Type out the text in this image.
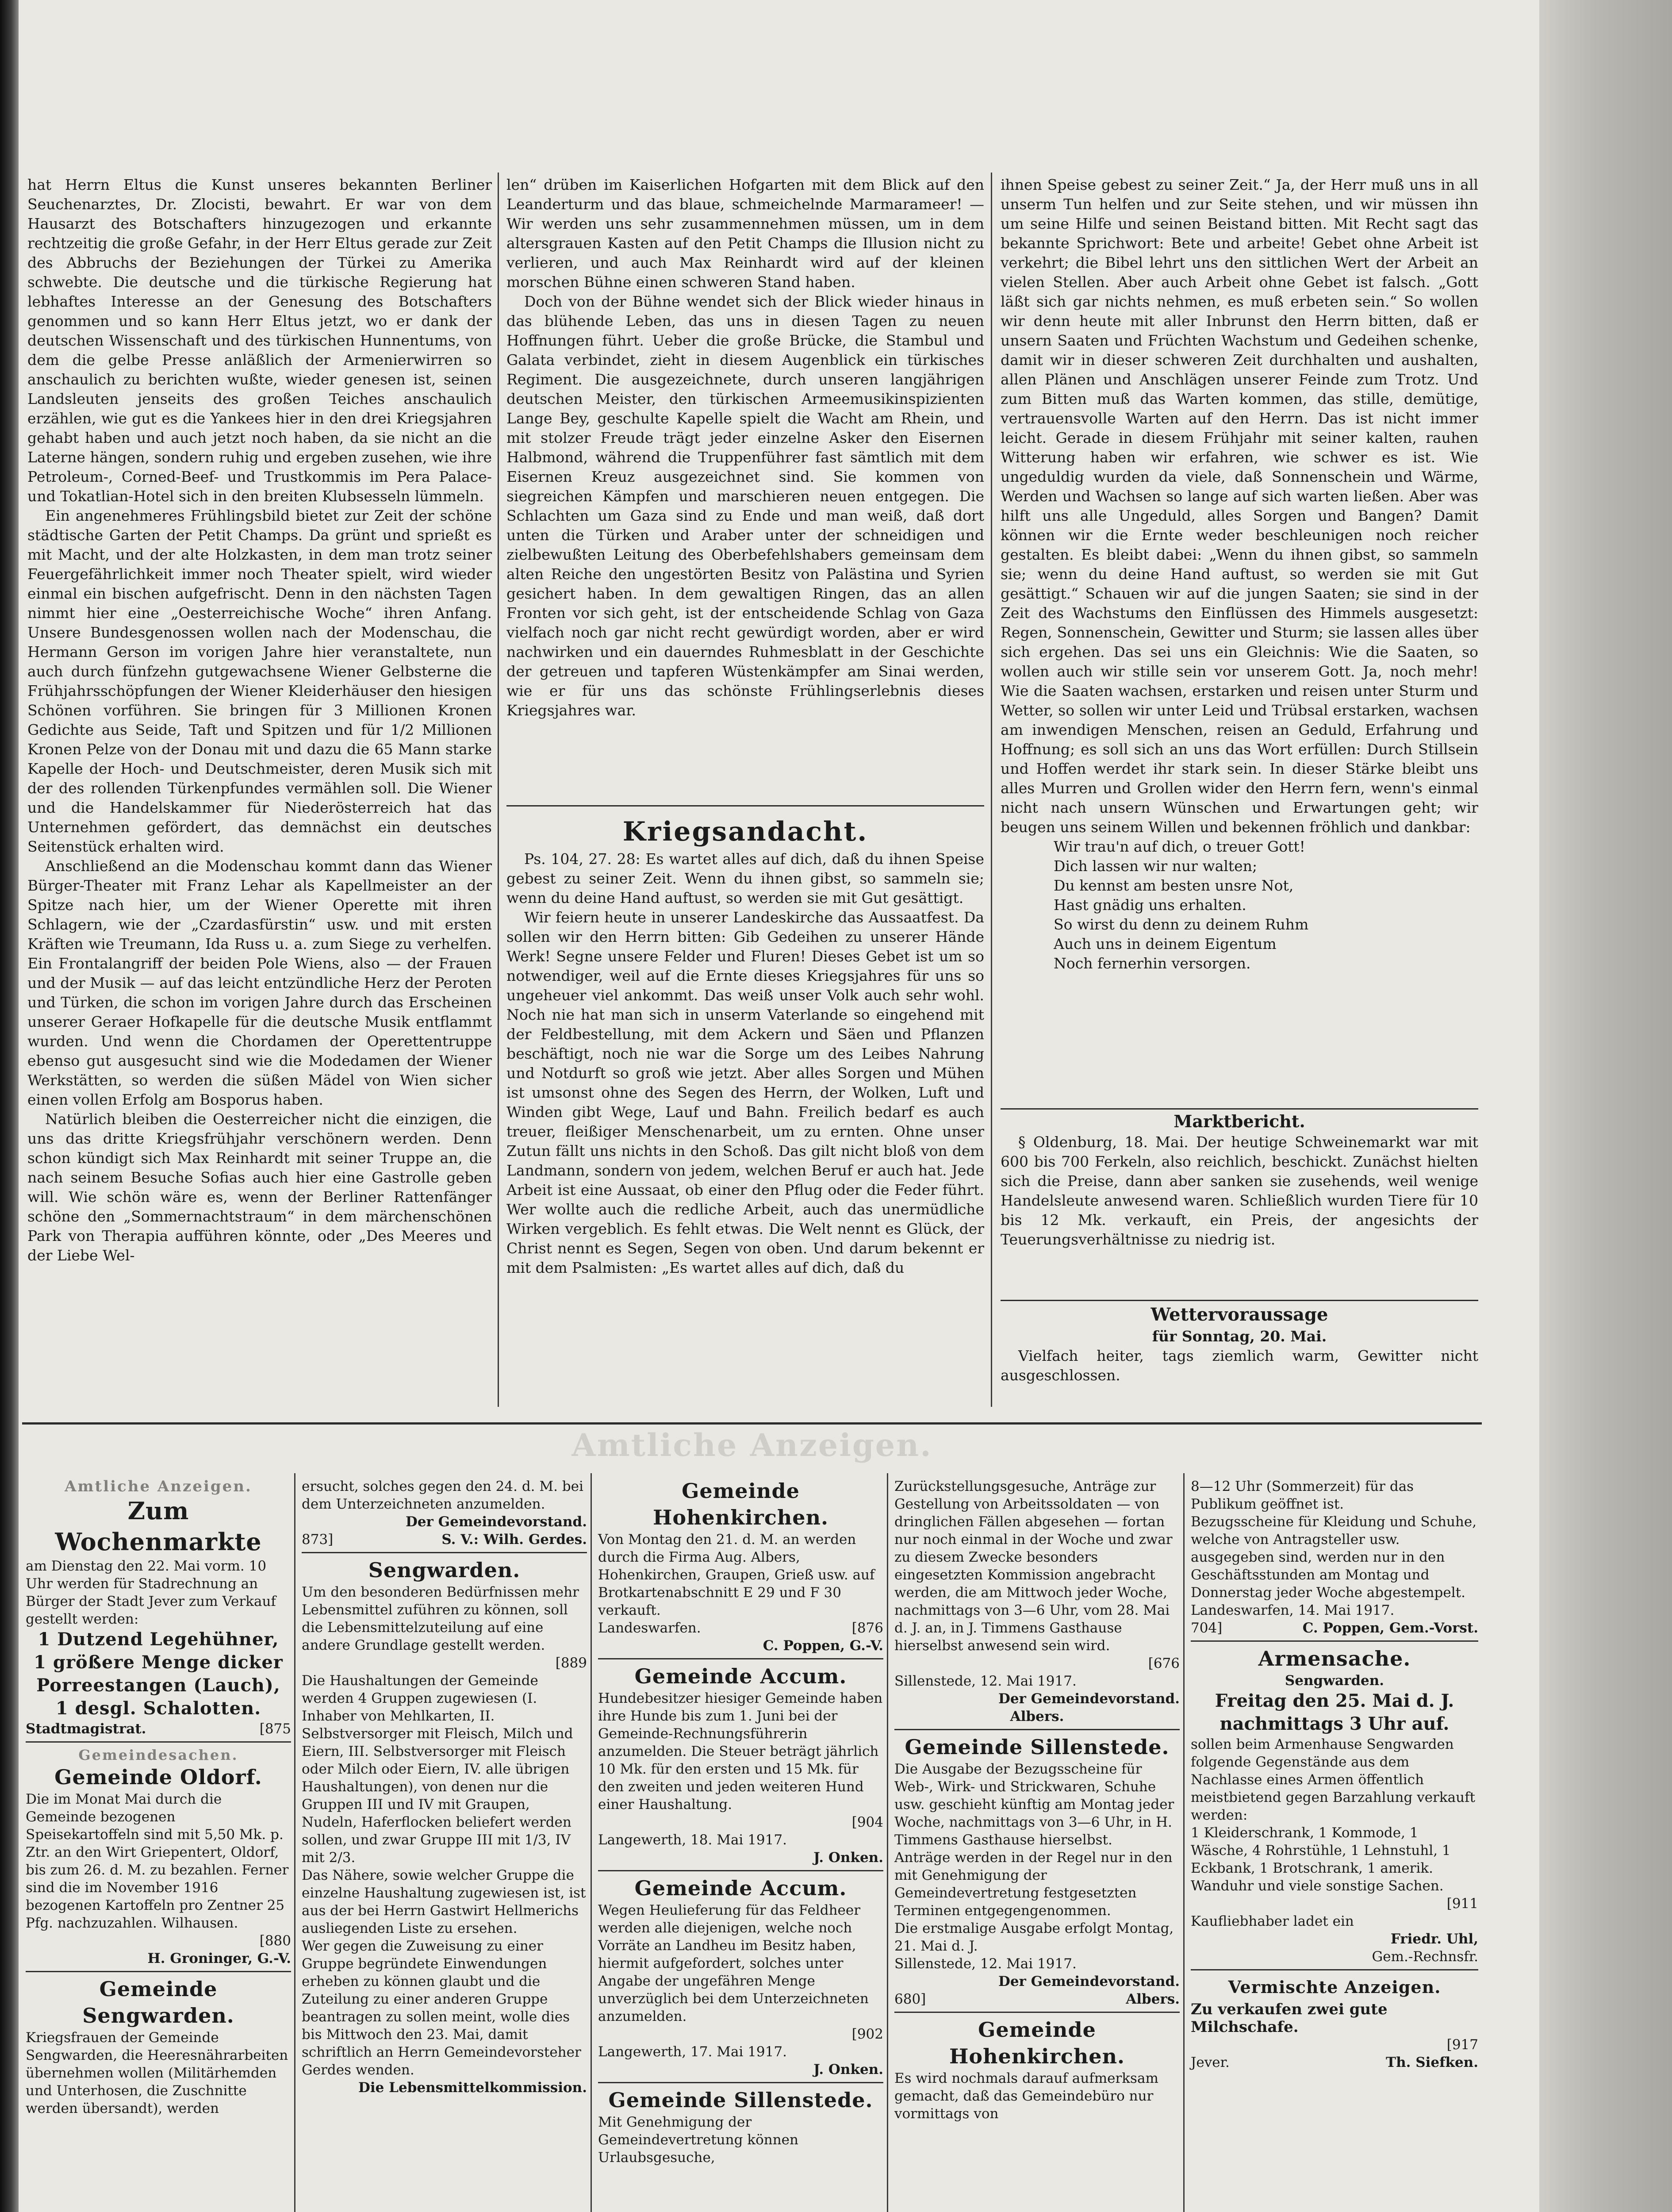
hat Herrn Eltus die Kunst unseres bekannten Berliner Seuchenarztes, Dr. Zlocisti, bewahrt. Er war von dem Hausarzt des Botschafters hinzugezogen und erkannte rechtzeitig die große Gefahr, in der Herr Eltus gerade zur Zeit des Abbruchs der Beziehungen der Türkei zu Amerika schwebte. Die deutsche und die türkische Regierung hat lebhaftes Interesse an der Genesung des Botschafters genommen und so kann Herr Eltus jetzt, wo er dank der deutschen Wissenschaft und des türkischen Hunnentums, von dem die gelbe Presse anläßlich der Armenierwirren so anschaulich zu berichten wußte, wieder genesen ist, seinen Landsleuten jenseits des großen Teiches anschaulich erzählen, wie gut es die Yankees hier in den drei Kriegsjahren gehabt haben und auch jetzt noch haben, da sie nicht an die Laterne hängen, sondern ruhig und ergeben zusehen, wie ihre Petroleum-, Corned-Beef- und Trustkommis im Pera Palace- und Tokatlian-Hotel sich in den breiten Klubsesseln lümmeln.

Ein angenehmeres Frühlingsbild bietet zur Zeit der schöne städtische Garten der Petit Champs. Da grünt und sprießt es mit Macht, und der alte Holzkasten, in dem man trotz seiner Feuergefährlichkeit immer noch Theater spielt, wird wieder einmal ein bischen aufgefrischt. Denn in den nächsten Tagen nimmt hier eine „Oesterreichische Woche“ ihren Anfang. Unsere Bundesgenossen wollen nach der Modenschau, die Hermann Gerson im vorigen Jahre hier veranstaltete, nun auch durch fünfzehn gutgewachsene Wiener Gelbsterne die Frühjahrsschöpfungen der Wiener Kleiderhäuser den hiesigen Schönen vorführen. Sie bringen für 3 Millionen Kronen Gedichte aus Seide, Taft und Spitzen und für 1/2 Millionen Kronen Pelze von der Donau mit und dazu die 65 Mann starke Kapelle der Hoch- und Deutschmeister, deren Musik sich mit der des rollenden Türkenpfundes vermählen soll. Die Wiener und die Handelskammer für Niederösterreich hat das Unternehmen gefördert, das demnächst ein deutsches Seitenstück erhalten wird.

Anschließend an die Modenschau kommt dann das Wiener Bürger-Theater mit Franz Lehar als Kapellmeister an der Spitze nach hier, um der Wiener Operette mit ihren Schlagern, wie der „Czardasfürstin“ usw. und mit ersten Kräften wie Treumann, Ida Russ u. a. zum Siege zu verhelfen. Ein Frontalangriff der beiden Pole Wiens, also — der Frauen und der Musik — auf das leicht entzündliche Herz der Peroten und Türken, die schon im vorigen Jahre durch das Erscheinen unserer Geraer Hofkapelle für die deutsche Musik entflammt wurden. Und wenn die Chordamen der Operettentruppe ebenso gut ausgesucht sind wie die Modedamen der Wiener Werkstätten, so werden die süßen Mädel von Wien sicher einen vollen Erfolg am Bosporus haben.

Natürlich bleiben die Oesterreicher nicht die einzigen, die uns das dritte Kriegsfrühjahr verschönern werden. Denn schon kündigt sich Max Reinhardt mit seiner Truppe an, die nach seinem Besuche Sofias auch hier eine Gastrolle geben will. Wie schön wäre es, wenn der Berliner Rattenfänger schöne den „Sommernachtstraum“ in dem märchenschönen Park von Therapia aufführen könnte, oder „Des Meeres und der Liebe Wel-

len“ drüben im Kaiserlichen Hofgarten mit dem Blick auf den Leanderturm und das blaue, schmeichelnde Marmarameer! — Wir werden uns sehr zusammennehmen müssen, um in dem altersgrauen Kasten auf den Petit Champs die Illusion nicht zu verlieren, und auch Max Reinhardt wird auf der kleinen morschen Bühne einen schweren Stand haben.

Doch von der Bühne wendet sich der Blick wieder hinaus in das blühende Leben, das uns in diesen Tagen zu neuen Hoffnungen führt. Ueber die große Brücke, die Stambul und Galata verbindet, zieht in diesem Augenblick ein türkisches Regiment. Die ausgezeichnete, durch unseren langjährigen deutschen Meister, den türkischen Armeemusikinspizienten Lange Bey, geschulte Kapelle spielt die Wacht am Rhein, und mit stolzer Freude trägt jeder einzelne Asker den Eisernen Halbmond, während die Truppenführer fast sämtlich mit dem Eisernen Kreuz ausgezeichnet sind. Sie kommen von siegreichen Kämpfen und marschieren neuen entgegen. Die Schlachten um Gaza sind zu Ende und man weiß, daß dort unten die Türken und Araber unter der schneidigen und zielbewußten Leitung des Oberbefehlshabers gemeinsam dem alten Reiche den ungestörten Besitz von Palästina und Syrien gesichert haben. In dem gewaltigen Ringen, das an allen Fronten vor sich geht, ist der entscheidende Schlag von Gaza vielfach noch gar nicht recht gewürdigt worden, aber er wird nachwirken und ein dauerndes Ruhmesblatt in der Geschichte der getreuen und tapferen Wüstenkämpfer am Sinai werden, wie er für uns das schönste Frühlingserlebnis dieses Kriegsjahres war.

Kriegsandacht.

Ps. 104, 27. 28: Es wartet alles auf dich, daß du ihnen Speise gebest zu seiner Zeit. Wenn du ihnen gibst, so sammeln sie; wenn du deine Hand auftust, so werden sie mit Gut gesättigt.

Wir feiern heute in unserer Landeskirche das Aussaatfest. Da sollen wir den Herrn bitten: Gib Gedeihen zu unserer Hände Werk! Segne unsere Felder und Fluren! Dieses Gebet ist um so notwendiger, weil auf die Ernte dieses Kriegsjahres für uns so ungeheuer viel ankommt. Das weiß unser Volk auch sehr wohl. Noch nie hat man sich in unserm Vaterlande so eingehend mit der Feldbestellung, mit dem Ackern und Säen und Pflanzen beschäftigt, noch nie war die Sorge um des Leibes Nahrung und Notdurft so groß wie jetzt. Aber alles Sorgen und Mühen ist umsonst ohne des Segen des Herrn, der Wolken, Luft und Winden gibt Wege, Lauf und Bahn. Freilich bedarf es auch treuer, fleißiger Menschenarbeit, um zu ernten. Ohne unser Zutun fällt uns nichts in den Schoß. Das gilt nicht bloß von dem Landmann, sondern von jedem, welchen Beruf er auch hat. Jede Arbeit ist eine Aussaat, ob einer den Pflug oder die Feder führt. Wer wollte auch die redliche Arbeit, auch das unermüdliche Wirken vergeblich. Es fehlt etwas. Die Welt nennt es Glück, der Christ nennt es Segen, Segen von oben. Und darum bekennt er mit dem Psalmisten: „Es wartet alles auf dich, daß du

ihnen Speise gebest zu seiner Zeit.“ Ja, der Herr muß uns in all unserm Tun helfen und zur Seite stehen, und wir müssen ihn um seine Hilfe und seinen Beistand bitten. Mit Recht sagt das bekannte Sprichwort: Bete und arbeite! Gebet ohne Arbeit ist verkehrt; die Bibel lehrt uns den sittlichen Wert der Arbeit an vielen Stellen. Aber auch Arbeit ohne Gebet ist falsch. „Gott läßt sich gar nichts nehmen, es muß erbeten sein.“ So wollen wir denn heute mit aller Inbrunst den Herrn bitten, daß er unsern Saaten und Früchten Wachstum und Gedeihen schenke, damit wir in dieser schweren Zeit durchhalten und aushalten, allen Plänen und Anschlägen unserer Feinde zum Trotz. Und zum Bitten muß das Warten kommen, das stille, demütige, vertrauensvolle Warten auf den Herrn. Das ist nicht immer leicht. Gerade in diesem Frühjahr mit seiner kalten, rauhen Witterung haben wir erfahren, wie schwer es ist. Wie ungeduldig wurden da viele, daß Sonnenschein und Wärme, Werden und Wachsen so lange auf sich warten ließen. Aber was hilft uns alle Ungeduld, alles Sorgen und Bangen? Damit können wir die Ernte weder beschleunigen noch reicher gestalten. Es bleibt dabei: „Wenn du ihnen gibst, so sammeln sie; wenn du deine Hand auftust, so werden sie mit Gut gesättigt.“ Schauen wir auf die jungen Saaten; sie sind in der Zeit des Wachstums den Einflüssen des Himmels ausgesetzt: Regen, Sonnenschein, Gewitter und Sturm; sie lassen alles über sich ergehen. Das sei uns ein Gleichnis: Wie die Saaten, so wollen auch wir stille sein vor unserem Gott. Ja, noch mehr! Wie die Saaten wachsen, erstarken und reisen unter Sturm und Wetter, so sollen wir unter Leid und Trübsal erstarken, wachsen am inwendigen Menschen, reisen an Geduld, Erfahrung und Hoffnung; es soll sich an uns das Wort erfüllen: Durch Stillsein und Hoffen werdet ihr stark sein. In dieser Stärke bleibt uns alles Murren und Grollen wider den Herrn fern, wenn's einmal nicht nach unsern Wünschen und Erwartungen geht; wir beugen uns seinem Willen und bekennen fröhlich und dankbar:

Wir trau'n auf dich, o treuer Gott!

Dich lassen wir nur walten;

Du kennst am besten unsre Not,

Hast gnädig uns erhalten.

So wirst du denn zu deinem Ruhm

Auch uns in deinem Eigentum

Noch fernerhin versorgen.

Marktbericht.

§ Oldenburg, 18. Mai. Der heutige Schweinemarkt war mit 600 bis 700 Ferkeln, also reichlich, beschickt. Zunächst hielten sich die Preise, dann aber sanken sie zusehends, weil wenige Handelsleute anwesend waren. Schließlich wurden Tiere für 10 bis 12 Mk. verkauft, ein Preis, der angesichts der Teuerungsverhältnisse zu niedrig ist.

Wettervoraussage
für Sonntag, 20. Mai.

Vielfach heiter, tags ziemlich warm, Gewitter nicht ausgeschlossen.

Amtliche Anzeigen.
Amtliche Anzeigen.
Zum Wochenmarkte

am Dienstag den 22. Mai vorm. 10 Uhr werden für Stadrechnung an Bürger der Stadt Jever zum Verkauf gestellt werden:

1 Dutzend Legehühner,

1 größere Menge dicker Porreestangen (Lauch),

1 desgl. Schalotten.

Stadtmagistrat.	[875

Gemeindesachen.
Gemeinde Oldorf.

Die im Monat Mai durch die Gemeinde bezogenen Speisekartoffeln sind mit 5,50 Mk. p. Ztr. an den Wirt Griepentert, Oldorf, bis zum 26. d. M. zu bezahlen. Ferner sind die im November 1916 bezogenen Kartoffeln pro Zentner 25 Pfg. nachzuzahlen. Wilhausen.

[880

H. Groninger, G.-V.

Gemeinde Sengwarden.

Kriegsfrauen der Gemeinde Sengwarden, die Heeresnährarbeiten übernehmen wollen (Militärhemden und Unterhosen, die Zuschnitte werden übersandt), werden

ersucht, solches gegen den 24. d. M. bei dem Unterzeichneten anzumelden.

Der Gemeindevorstand.

873]	S. V.: Wilh. Gerdes.

Sengwarden.

Um den besonderen Bedürfnissen mehr Lebensmittel zuführen zu können, soll die Lebensmittelzuteilung auf eine andere Grundlage gestellt werden.

[889

Die Haushaltungen der Gemeinde werden 4 Gruppen zugewiesen (I. Inhaber von Mehlkarten, II. Selbstversorger mit Fleisch, Milch und Eiern, III. Selbstversorger mit Fleisch oder Milch oder Eiern, IV. alle übrigen Haushaltungen), von denen nur die Gruppen III und IV mit Graupen, Nudeln, Haferflocken beliefert werden sollen, und zwar Gruppe III mit 1/3, IV mit 2/3.

Das Nähere, sowie welcher Gruppe die einzelne Haushaltung zugewiesen ist, ist aus der bei Herrn Gastwirt Hellmerichs ausliegenden Liste zu ersehen.

Wer gegen die Zuweisung zu einer Gruppe begründete Einwendungen erheben zu können glaubt und die Zuteilung zu einer anderen Gruppe beantragen zu sollen meint, wolle dies bis Mittwoch den 23. Mai, damit schriftlich an Herrn Gemeindevorsteher Gerdes wenden.

Die Lebensmittelkommission.

Gemeinde Hohenkirchen.

Von Montag den 21. d. M. an werden durch die Firma Aug. Albers, Hohenkirchen, Graupen, Grieß usw. auf Brotkartenabschnitt E 29 und F 30 verkauft.

Landeswarfen.	[876

C. Poppen, G.-V.

Gemeinde Accum.

Hundebesitzer hiesiger Gemeinde haben ihre Hunde bis zum 1. Juni bei der Gemeinde-Rechnungsführerin anzumelden. Die Steuer beträgt jährlich 10 Mk. für den ersten und 15 Mk. für den zweiten und jeden weiteren Hund einer Haushaltung.

[904

Langewerth, 18. Mai 1917.

J. Onken.

Gemeinde Accum.

Wegen Heulieferung für das Feldheer werden alle diejenigen, welche noch Vorräte an Landheu im Besitz haben, hiermit aufgefordert, solches unter Angabe der ungefähren Menge unverzüglich bei dem Unterzeichneten anzumelden.

[902

Langewerth, 17. Mai 1917.

J. Onken.

Gemeinde Sillenstede.

Mit Genehmigung der Gemeindevertretung können Urlaubsgesuche,

Zurückstellungsgesuche, Anträge zur Gestellung von Arbeitssoldaten — von dringlichen Fällen abgesehen — fortan nur noch einmal in der Woche und zwar zu diesem Zwecke besonders eingesetzten Kommission angebracht werden, die am Mittwoch jeder Woche, nachmittags von 3—6 Uhr, vom 28. Mai d. J. an, in J. Timmens Gasthause hierselbst anwesend sein wird.

[676

Sillenstede, 12. Mai 1917.

Der Gemeindevorstand.

Albers.

Gemeinde Sillenstede.

Die Ausgabe der Bezugsscheine für Web-, Wirk- und Strickwaren, Schuhe usw. geschieht künftig am Montag jeder Woche, nachmittags von 3—6 Uhr, in H. Timmens Gasthause hierselbst.

Anträge werden in der Regel nur in den mit Genehmigung der Gemeindevertretung festgesetzten Terminen entgegengenommen.

Die erstmalige Ausgabe erfolgt Montag, 21. Mai d. J.

Sillenstede, 12. Mai 1917.

Der Gemeindevorstand.

680]	Albers.

Gemeinde Hohenkirchen.

Es wird nochmals darauf aufmerksam gemacht, daß das Gemeindebüro nur vormittags von

8—12 Uhr (Sommerzeit) für das Publikum geöffnet ist.

Bezugsscheine für Kleidung und Schuhe, welche von Antragsteller usw. ausgegeben sind, werden nur in den Geschäftsstunden am Montag und Donnerstag jeder Woche abgestempelt.

Landeswarfen, 14. Mai 1917.

704]	C. Poppen, Gem.-Vorst.

Armensache.

Sengwarden.

Freitag den 25. Mai d. J. nachmittags 3 Uhr auf.

sollen beim Armenhause Sengwarden folgende Gegenstände aus dem Nachlasse eines Armen öffentlich meistbietend gegen Barzahlung verkauft werden:

1 Kleiderschrank, 1 Kommode, 1 Wäsche, 4 Rohrstühle, 1 Lehnstuhl, 1 Eckbank, 1 Brotschrank, 1 amerik. Wanduhr und viele sonstige Sachen.

[911

Kaufliebhaber ladet ein

Friedr. Uhl,

Gem.-Rechnsfr.

Vermischte Anzeigen.

Zu verkaufen zwei gute Milchschafe.

[917

Jever.	Th. Siefken.
